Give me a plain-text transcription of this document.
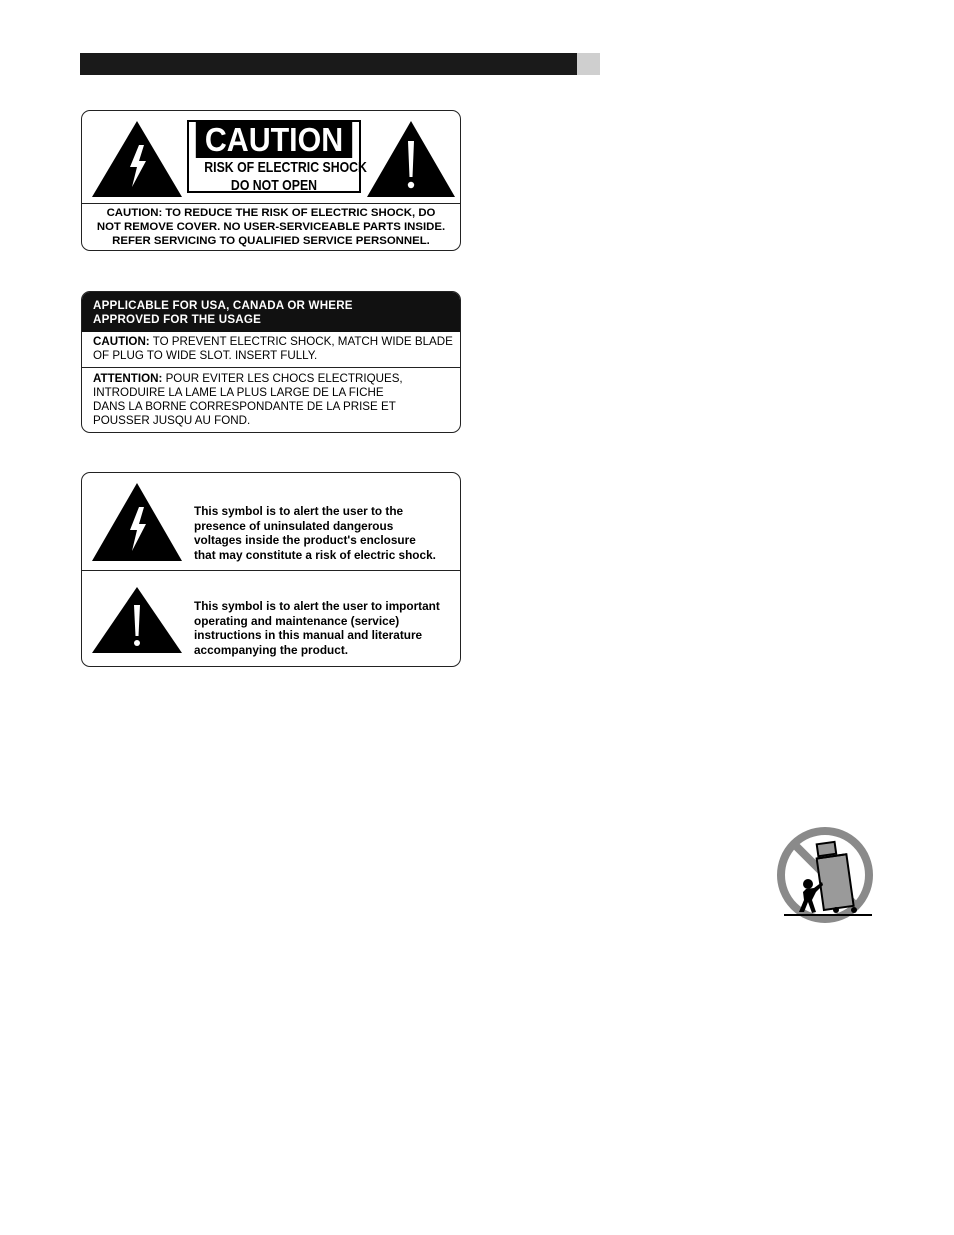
CAUTION
RISK OF ELECTRIC SHOCK
DO NOT OPEN
CAUTION: TO REDUCE THE RISK OF ELECTRIC SHOCK, DO
NOT REMOVE COVER. NO USER-SERVICEABLE PARTS INSIDE.
REFER SERVICING TO QUALIFIED SERVICE PERSONNEL.
APPLICABLE FOR USA, CANADA OR WHERE
APPROVED FOR THE USAGE
CAUTION: TO PREVENT ELECTRIC SHOCK, MATCH WIDE BLADE
OF PLUG TO WIDE SLOT. INSERT FULLY.
ATTENTION: POUR EVITER LES CHOCS ELECTRIQUES,
INTRODUIRE LA LAME LA PLUS LARGE DE LA FICHE
DANS LA BORNE CORRESPONDANTE DE LA PRISE ET
POUSSER JUSQU AU FOND.
This symbol is to alert the user to the
presence of uninsulated dangerous
voltages inside the product's enclosure
that may constitute a risk of electric shock.
This symbol is to alert the user to important
operating and maintenance (service)
instructions in this manual and literature
accompanying the product.
